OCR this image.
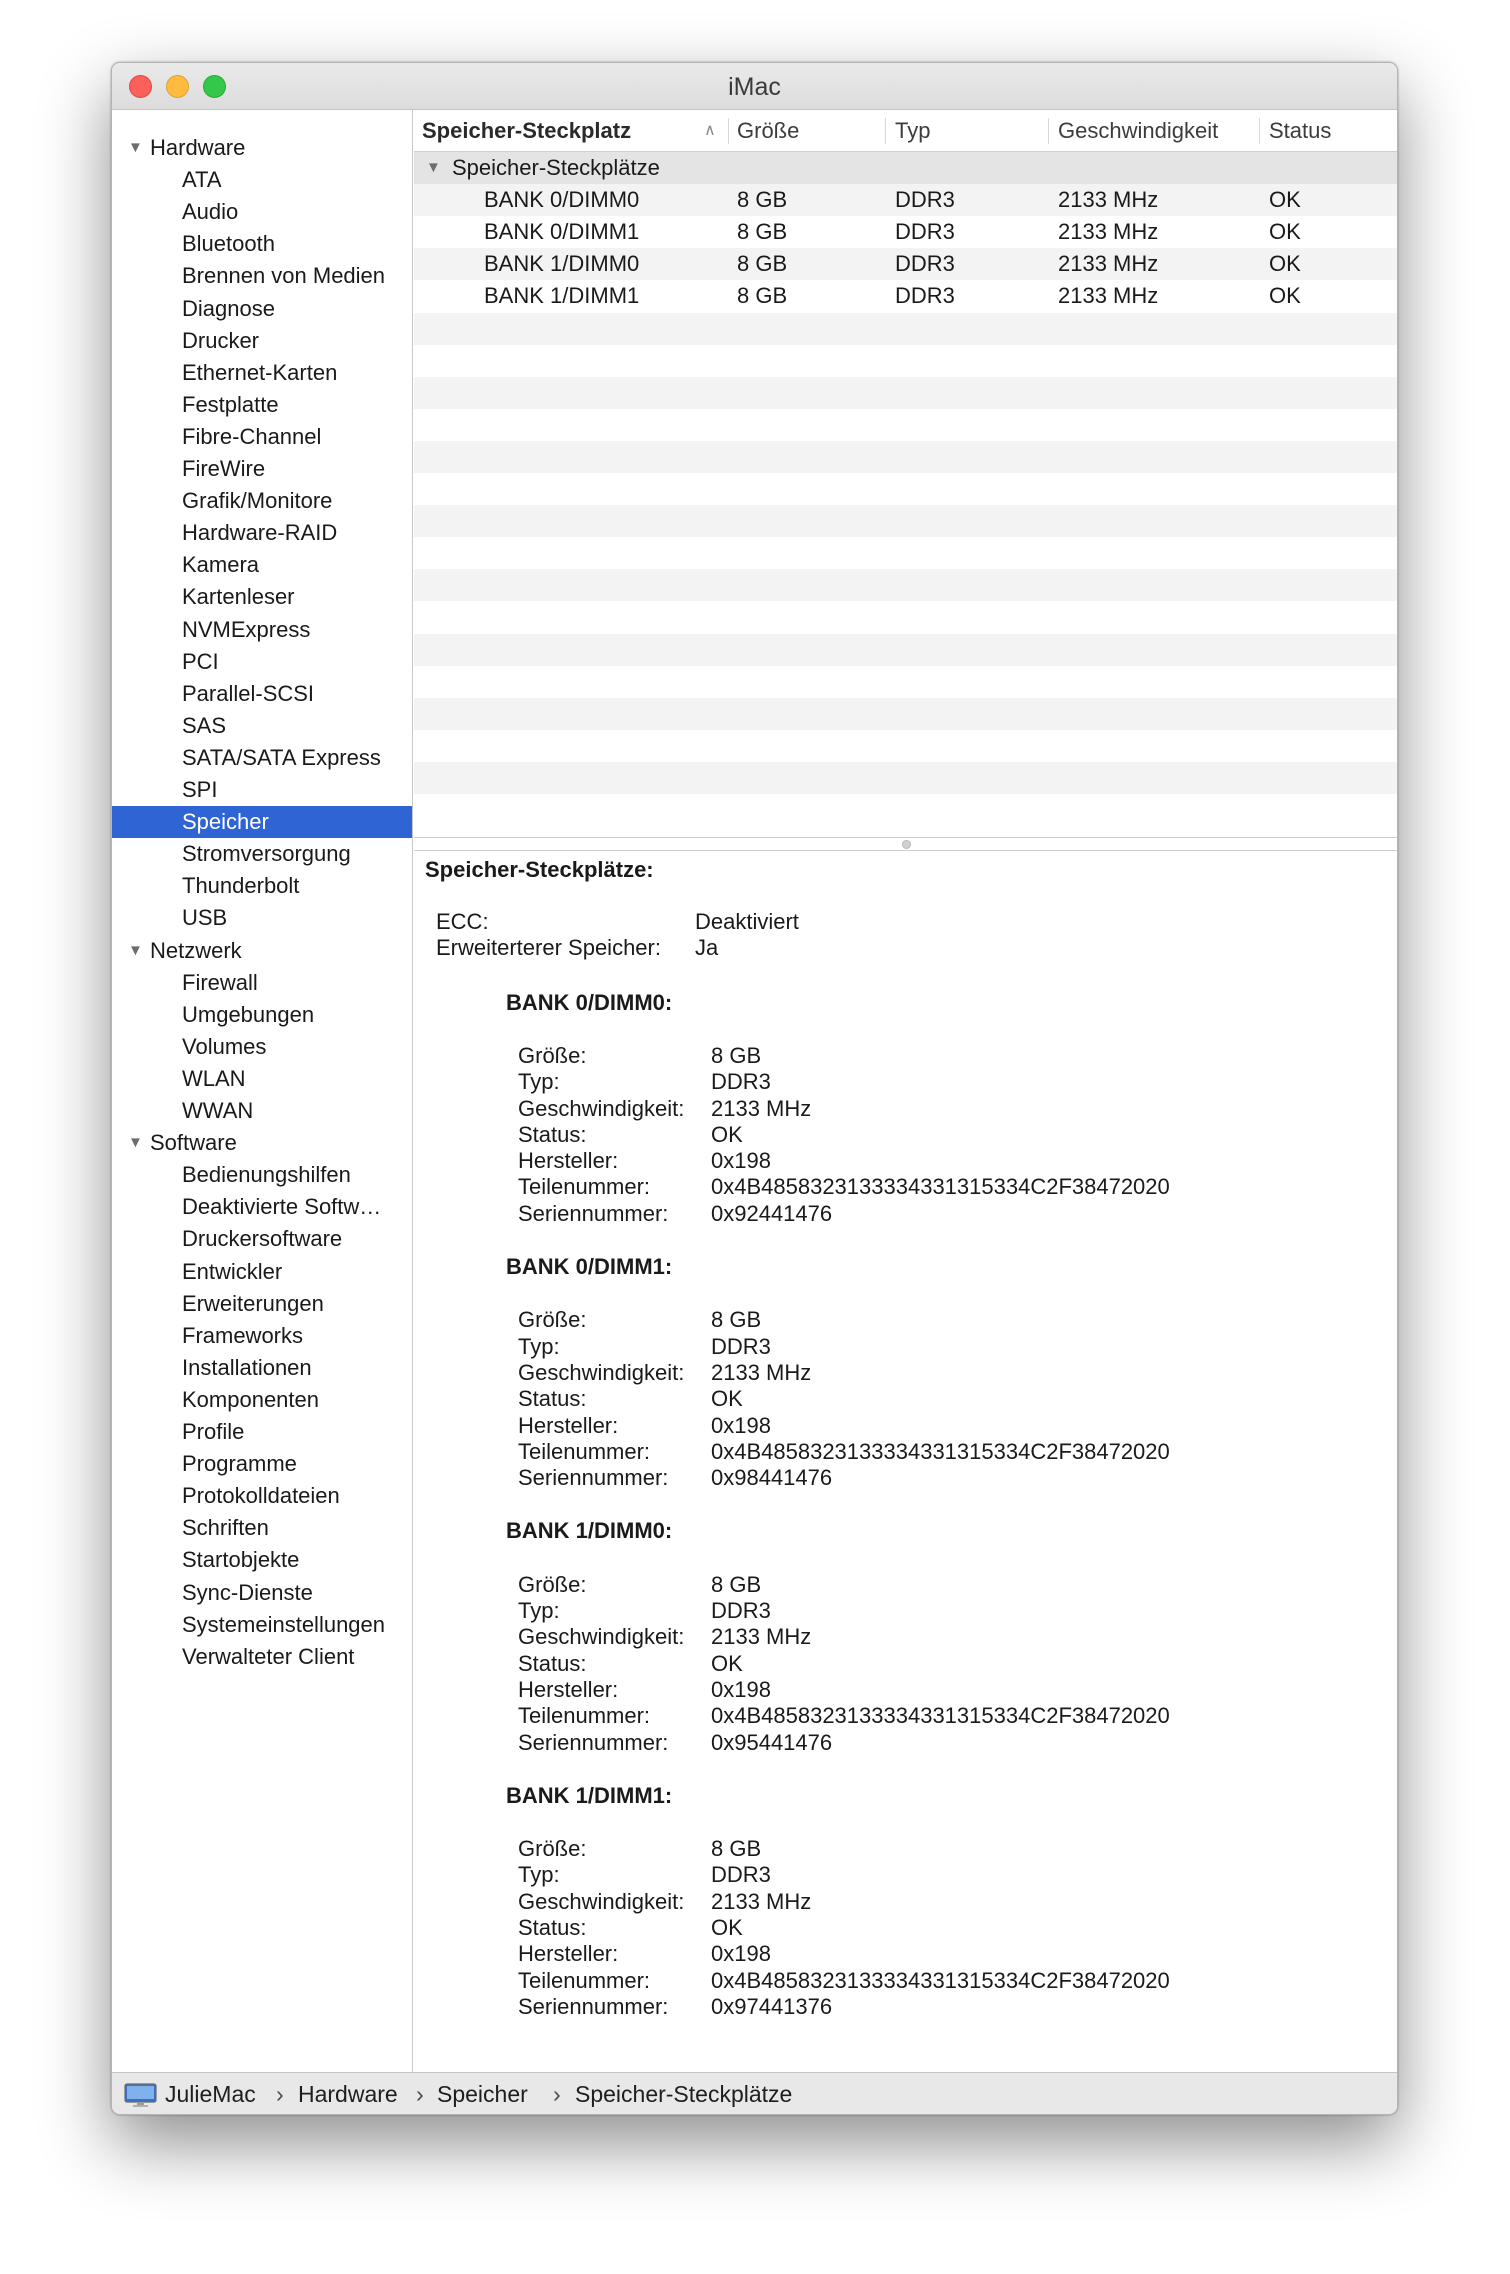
iMac
▼ Hardware
ATA
Audio
Bluetooth
Brennen von Medien
Diagnose
Drucker
Ethernet-Karten
Festplatte
Fibre-Channel
FireWire
Grafik/Monitore
Hardware-RAID
Kamera
Kartenleser
NVMExpress
PCI
Parallel-SCSI
SAS
SATA/SATA Express
SPI
Speicher
Stromversorgung
Thunderbolt
USB
▼ Netzwerk
Firewall
Umgebungen
Volumes
WLAN
WWAN
▼ Software
Bedienungshilfen
Deaktivierte Softw…
Druckersoftware
Entwickler
Erweiterungen
Frameworks
Installationen
Komponenten
Profile
Programme
Protokolldateien
Schriften
Startobjekte
Sync-Dienste
Systemeinstellungen
Verwalteter Client
Speicher-Steckplatz	Größe	Typ	Geschwindigkeit	Status
∧
▼ Speicher-Steckplätze
BANK 0/DIMM0	8 GB	DDR3	2133 MHz	OK
BANK 0/DIMM1	8 GB	DDR3	2133 MHz	OK
BANK 1/DIMM0	8 GB	DDR3	2133 MHz	OK
BANK 1/DIMM1	8 GB	DDR3	2133 MHz	OK
Speicher-Steckplätze:
ECC:	Deaktiviert
Erweiterterer Speicher: Ja
BANK 0/DIMM0:
Größe:	8 GB
Typ:	DDR3
Geschwindigkeit: 2133 MHz
Status:	OK
Hersteller:	0x198
Teilenummer:	0x4B4858323133334331315334C2F38472020
Seriennummer: 0x92441476
BANK 0/DIMM1:
Größe:	8 GB
Typ:	DDR3
Geschwindigkeit: 2133 MHz
Status:	OK
Hersteller:	0x198
Teilenummer:	0x4B4858323133334331315334C2F38472020
Seriennummer: 0x98441476
BANK 1/DIMM0:
Größe:	8 GB
Typ:	DDR3
Geschwindigkeit: 2133 MHz
Status:	OK
Hersteller:	0x198
Teilenummer:	0x4B4858323133334331315334C2F38472020
Seriennummer: 0x95441476
BANK 1/DIMM1:
Größe:	8 GB
Typ:	DDR3
Geschwindigkeit: 2133 MHz
Status:	OK
Hersteller:	0x198
Teilenummer:	0x4B4858323133334331315334C2F38472020
Seriennummer: 0x97441376
JulieMac Hardware Speicher Speicher-Steckplätze
›	›	›
